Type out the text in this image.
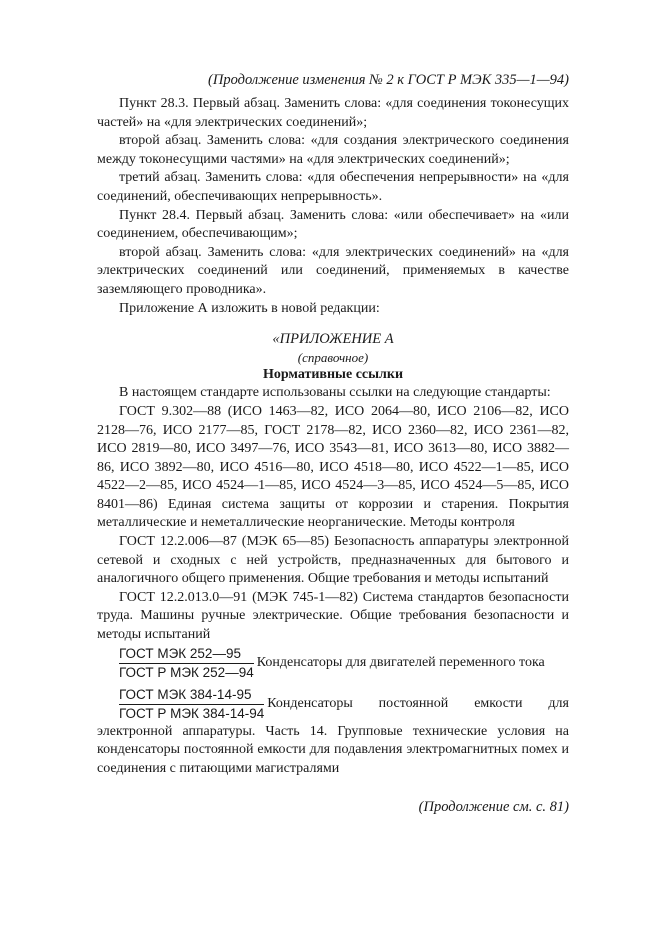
(Продолжение изменения № 2 к ГОСТ Р МЭК 335—1—94)

Пункт 28.3. Первый абзац. Заменить слова: «для соединения токонесущих частей» на «для электрических соединений»;

второй абзац. Заменить слова: «для создания электрического соединения между токонесущими частями» на «для электрических соединений»;

третий абзац. Заменить слова: «для обеспечения непрерывности» на «для соединений, обеспечивающих непрерывность».

Пункт 28.4. Первый абзац. Заменить слова: «или обеспечивает» на «или соединением, обеспечивающим»;

второй абзац. Заменить слова: «для электрических соединений» на «для электрических соединений или соединений, применяемых в качестве заземляющего проводника».

Приложение А изложить в новой редакции:

«ПРИЛОЖЕНИЕ А

(справочное)

Нормативные ссылки

В настоящем стандарте использованы ссылки на следующие стандарты:

ГОСТ 9.302—88 (ИСО 1463—82, ИСО 2064—80, ИСО 2106—82, ИСО 2128—76, ИСО 2177—85, ГОСТ 2178—82, ИСО 2360—82, ИСО 2361—82, ИСО 2819—80, ИСО 3497—76, ИСО 3543—81, ИСО 3613—80, ИСО 3882—86, ИСО 3892—80, ИСО 4516—80, ИСО 4518—80, ИСО 4522—1—85, ИСО 4522—2—85, ИСО 4524—1—85, ИСО 4524—3—85, ИСО 4524—5—85, ИСО 8401—86) Единая система защиты от коррозии и старения. Покрытия металлические и неметаллические неорганические. Методы контроля

ГОСТ 12.2.006—87 (МЭК 65—85) Безопасность аппаратуры электронной сетевой и сходных с ней устройств, предназначенных для бытового и аналогичного общего применения. Общие требования и методы испытаний

ГОСТ 12.2.013.0—91 (МЭК 745-1—82) Система стандартов безопасности труда. Машины ручные электрические. Общие требования безопасности и методы испытаний

$\frac{\text{ГОСТ МЭК 252—95}}{\text{ГОСТ Р МЭК 252—94}}$ Конденсаторы для двигателей переменного тока
$\frac{\text{ГОСТ МЭК 384-14-95}}{\text{ГОСТ Р МЭК 384-14-94}}$ Конденсаторы постоянной емкости для

электронной аппаратуры. Часть 14. Групповые технические условия на конденсаторы постоянной емкости для подавления электромагнитных помех и соединения с питающими магистралями

(Продолжение см. с. 81)
